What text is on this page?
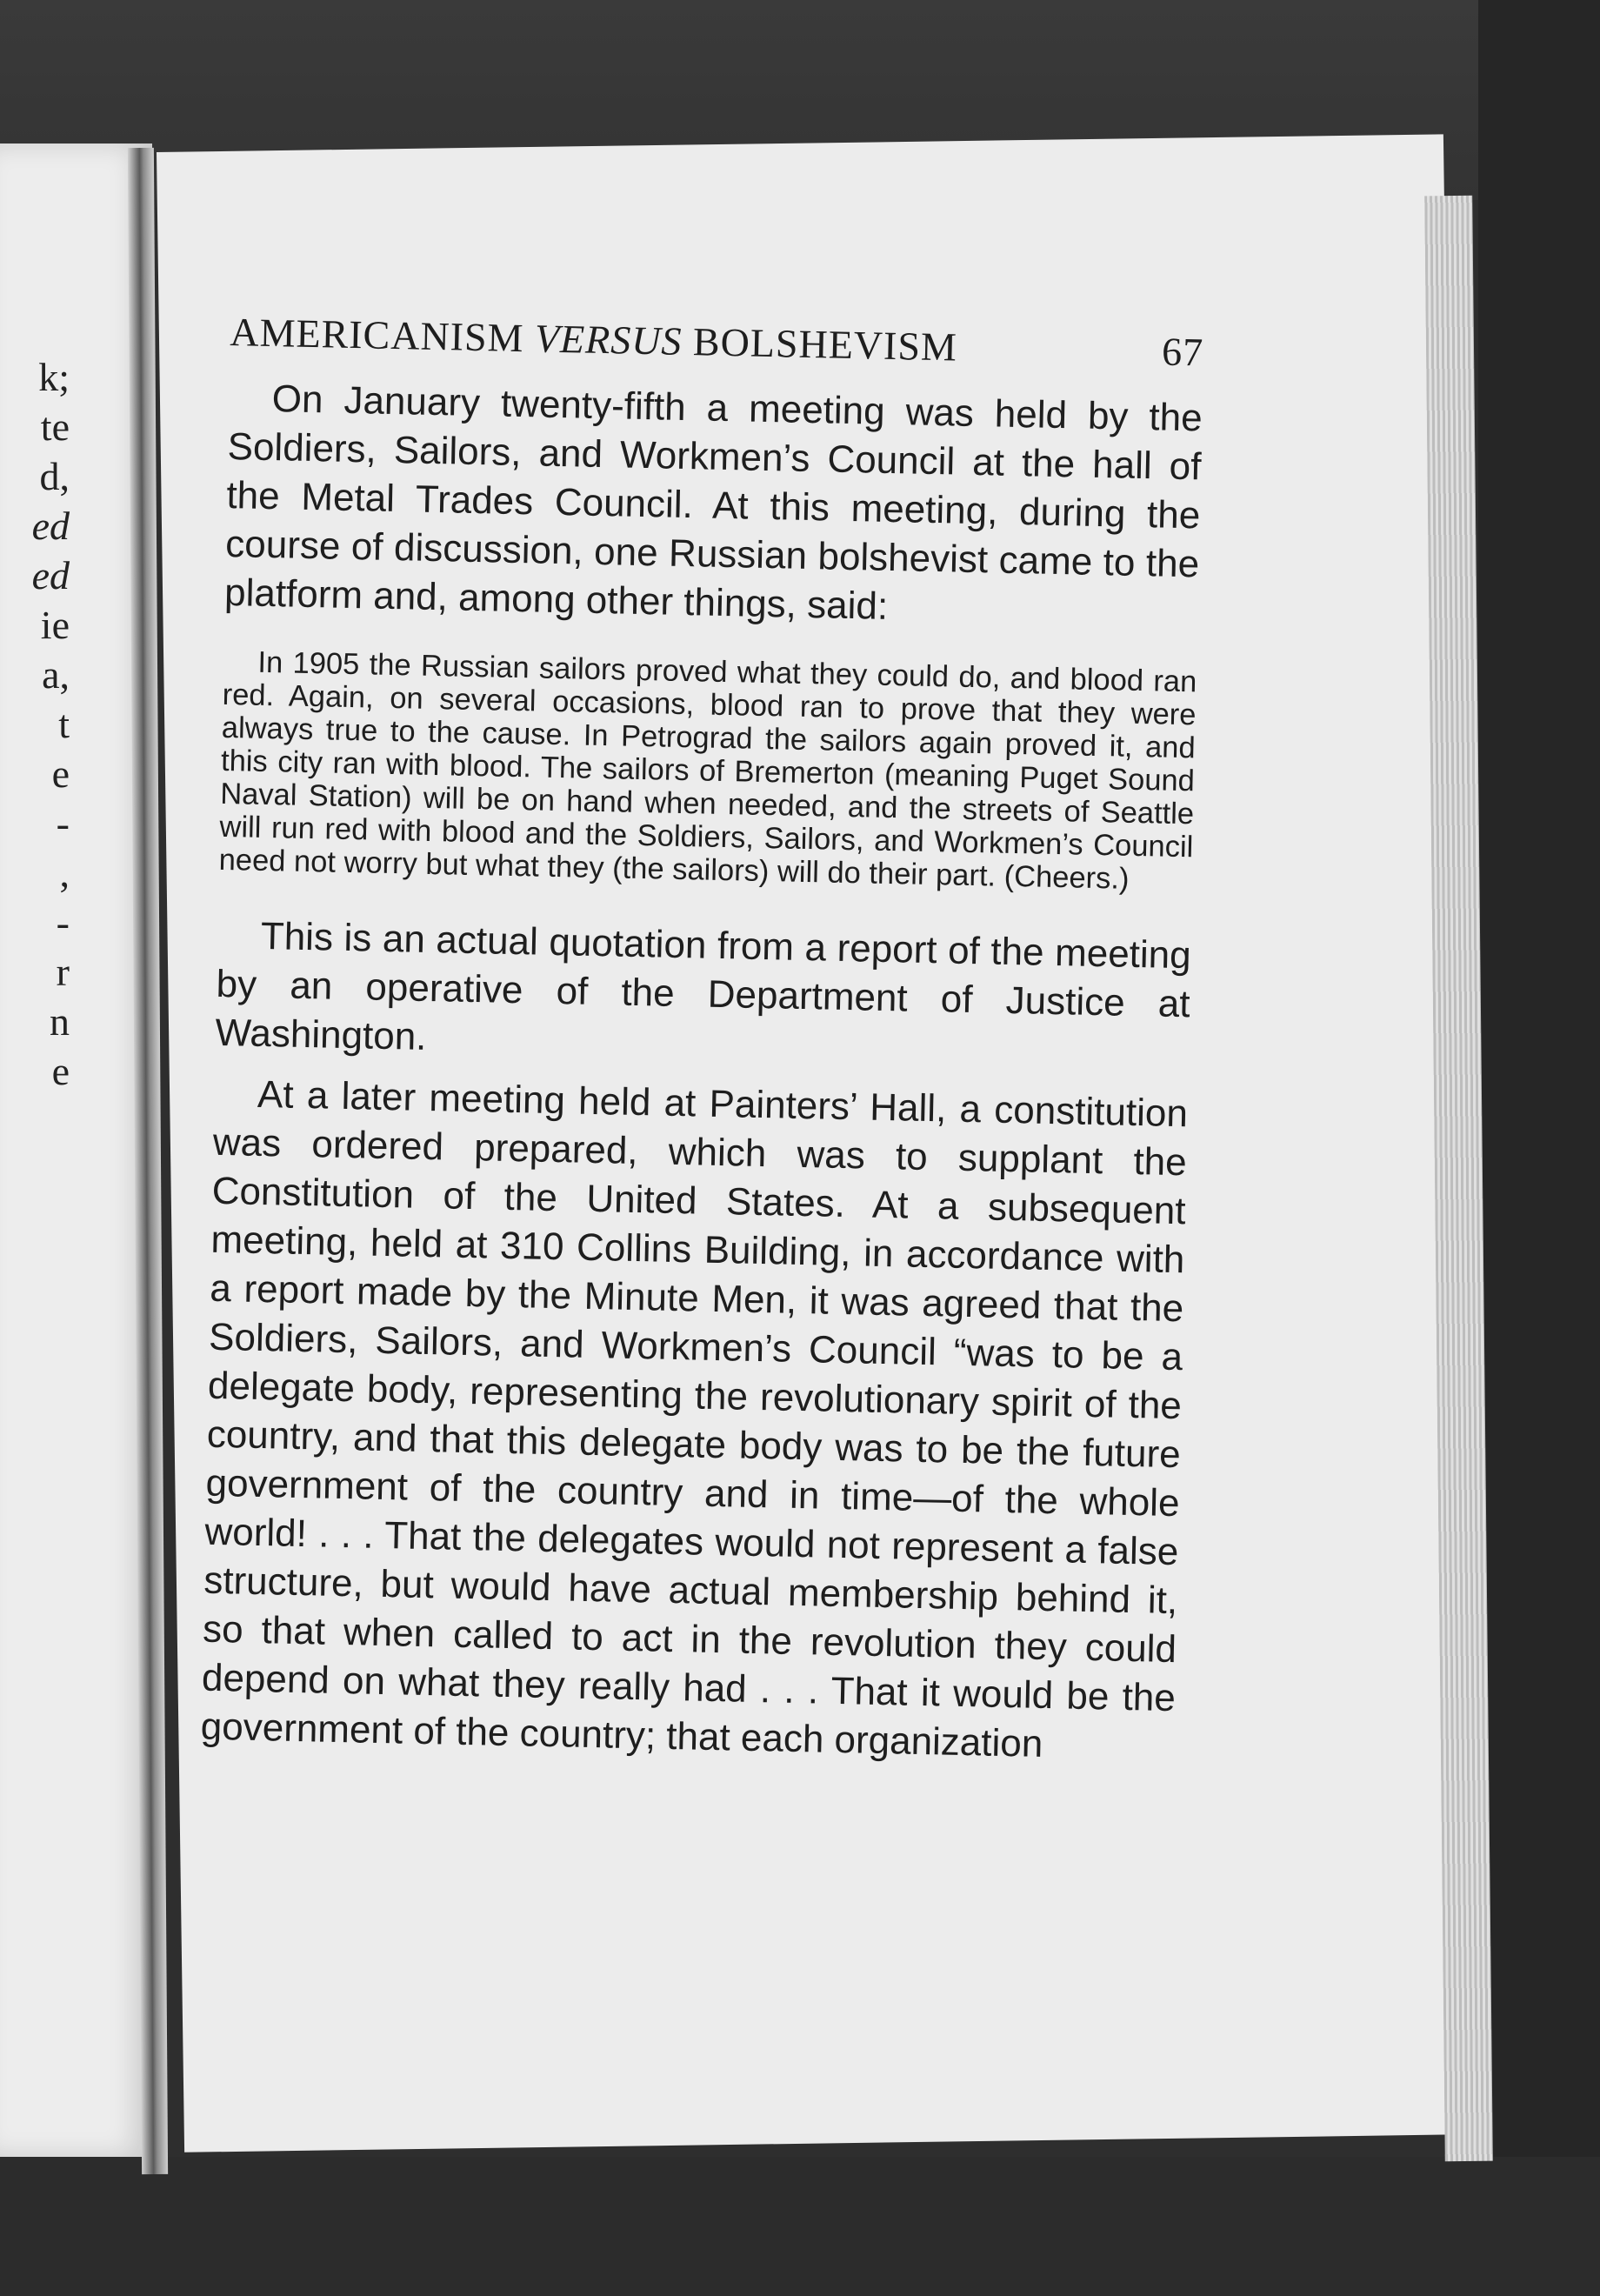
k;
te
d,
ed
ed
ie
a,
t
e
-
,
-
r
n
e
AMERICANISM VERSUS BOLSHEVISM	67

On January twenty-fifth a meeting was held by the Soldiers, Sailors, and Workmen’s Council at the hall of the Metal Trades Council. At this meeting, during the course of discussion, one Russian bolshevist came to the platform and, among other things, said:

In 1905 the Russian sailors proved what they could do, and blood ran red. Again, on several occasions, blood ran to prove that they were always true to the cause. In Petrograd the sailors again proved it, and this city ran with blood. The sailors of Bremerton (meaning Puget Sound Naval Station) will be on hand when needed, and the streets of Seattle will run red with blood and the Soldiers, Sailors, and Workmen’s Council need not worry but what they (the sailors) will do their part. (Cheers.)

This is an actual quotation from a report of the meeting by an operative of the Department of Justice at Washington.

At a later meeting held at Painters’ Hall, a constitution was ordered prepared, which was to supplant the Constitution of the United States. At a subsequent meeting, held at 310 Collins Building, in accordance with a report made by the Minute Men, it was agreed that the Soldiers, Sailors, and Workmen’s Council “was to be a delegate body, representing the revolutionary spirit of the country, and that this delegate body was to be the future government of the country and in time—of the whole world! . . . That the delegates would not represent a false structure, but would have actual membership behind it, so that when called to act in the revolution they could depend on what they really had . . . That it would be the government of the country; that each organization
